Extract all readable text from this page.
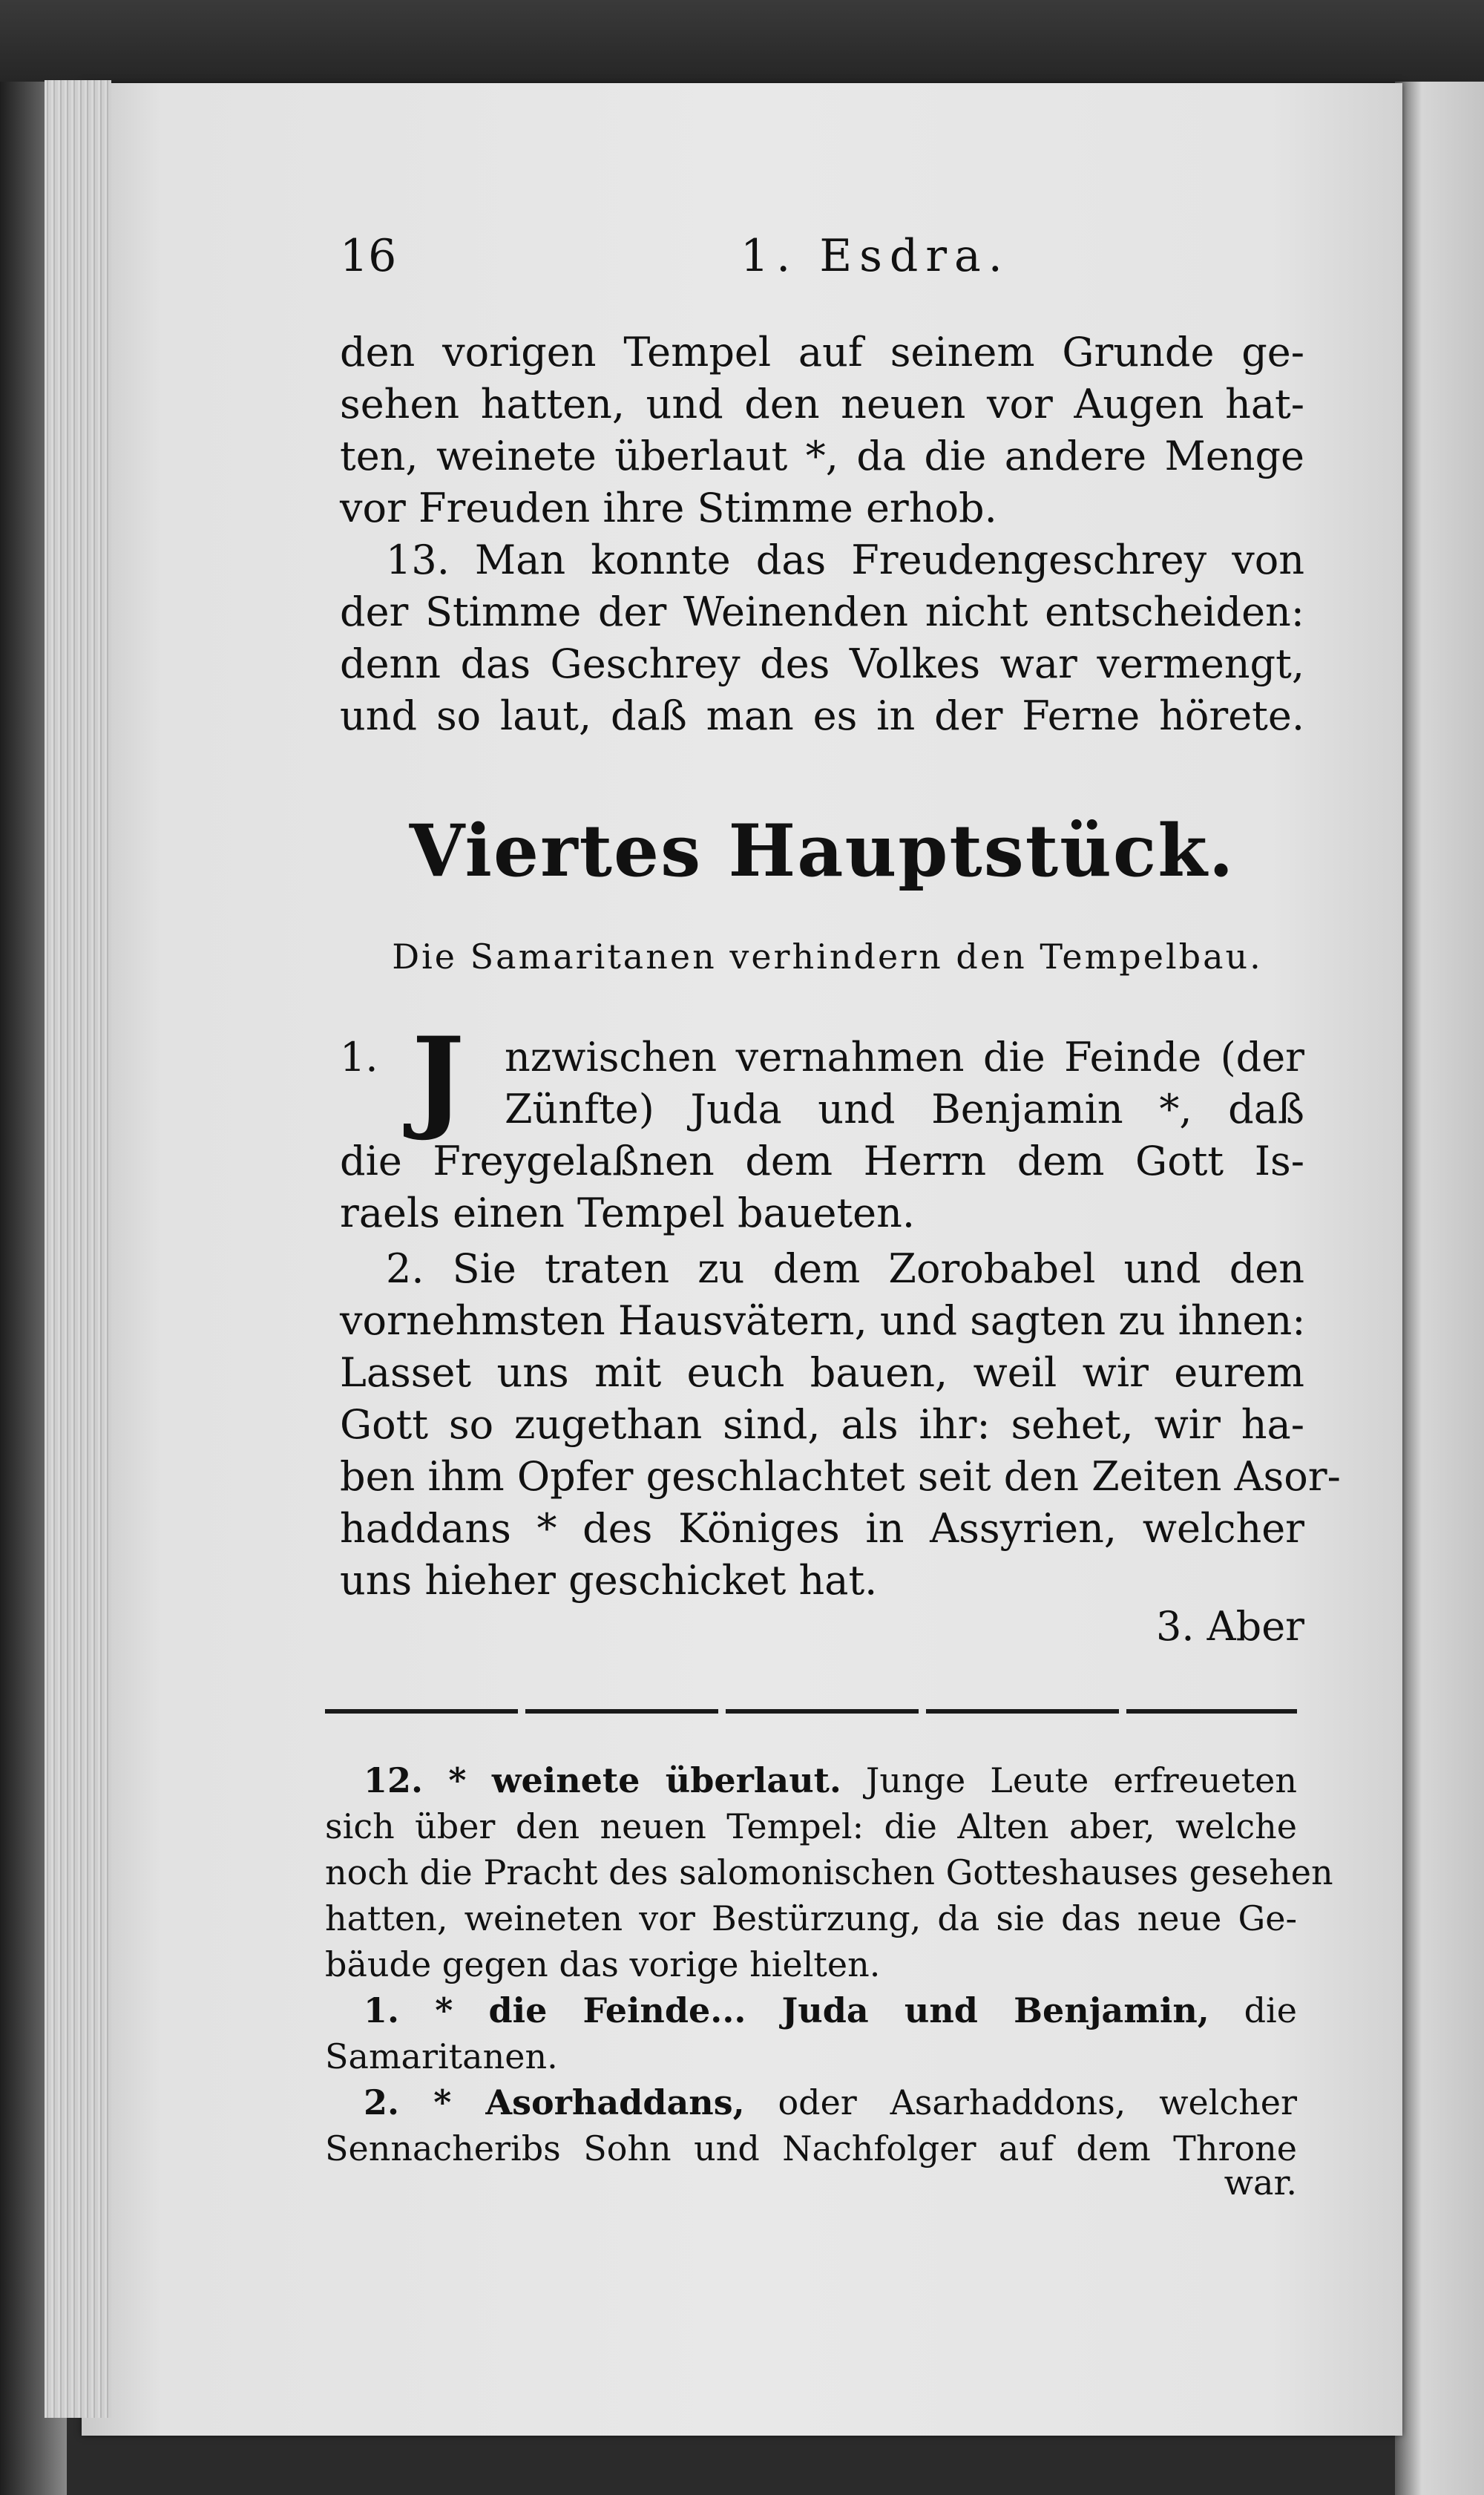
16	1. Esdra.
den vorigen Tempel auf seinem Grunde ge-
sehen hatten, und den neuen vor Augen hat-
ten, weinete überlaut *, da die andere Menge
vor Freuden ihre Stimme erhob.
13. Man konnte das Freudengeschrey von
der Stimme der Weinenden nicht entscheiden:
denn das Geschrey des Volkes war vermengt,
und so laut, daß man es in der Ferne hörete.
Viertes Hauptstück.
Die Samaritanen verhindern den Tempelbau.
1. J	nzwischen vernahmen die Feinde (der
Zünfte) Juda und Benjamin *, daß
die Freygelaßnen dem Herrn dem Gott Is-
raels einen Tempel baueten.
2. Sie traten zu dem Zorobabel und den
vornehmsten Hausvätern, und sagten zu ihnen:
Lasset uns mit euch bauen, weil wir eurem
Gott so zugethan sind, als ihr: sehet, wir ha-
ben ihm Opfer geschlachtet seit den Zeiten Asor-
haddans * des Königes in Assyrien, welcher
uns hieher geschicket hat.
3. Aber
12. * weinete überlaut. Junge Leute erfreueten
sich über den neuen Tempel: die Alten aber, welche
noch die Pracht des salomonischen Gotteshauses gesehen
hatten, weineten vor Bestürzung, da sie das neue Ge-
bäude gegen das vorige hielten.
1. * die Feinde... Juda und Benjamin, die
Samaritanen.
2. * Asorhaddans, oder Asarhaddons, welcher
Sennacheribs Sohn und Nachfolger auf dem Throne
war.
